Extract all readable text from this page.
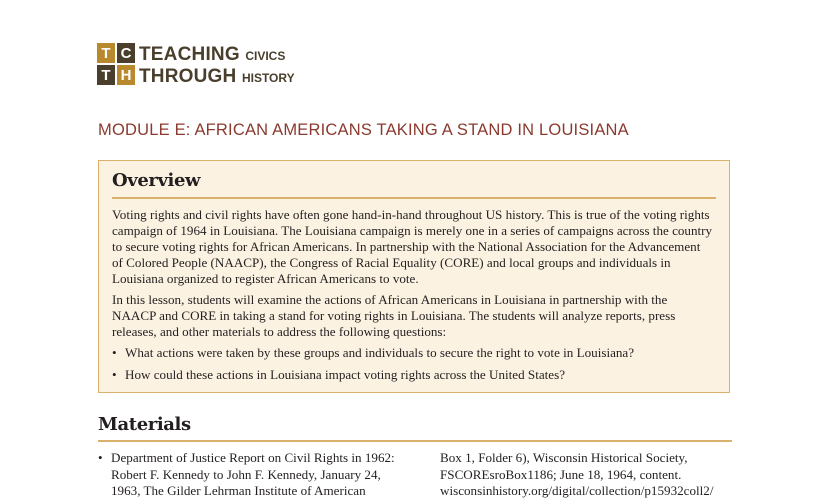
T C
T H
TEACHING CIVICS
THROUGH HISTORY
MODULE E: AFRICAN AMERICANS TAKING A STAND IN LOUISIANA
Overview

Voting rights and civil rights have often gone hand-in-hand throughout US history. This is true of the voting rights campaign of 1964 in Louisiana. The Louisiana campaign is merely one in a series of campaigns across the country to secure voting rights for African Americans. In partnership with the National Association for the Advancement of Colored People (NAACP), the Congress of Racial Equality (CORE) and local groups and individuals in Louisiana organized to register African Americans to vote.

In this lesson, students will examine the actions of African Americans in Louisiana in partnership with the NAACP and CORE in taking a stand for voting rights in Louisiana. The students will analyze reports, press releases, and other materials to address the following questions:

• What actions were taken by these groups and individuals to secure the right to vote in Louisiana?
• How could these actions in Louisiana impact voting rights across the United States?
Materials
• Department of Justice Report on Civil Rights in 1962:
Robert F. Kennedy to John F. Kennedy, January 24,
1963, The Gilder Lehrman Institute of American
Box 1, Folder 6), Wisconsin Historical Society,
FSCOREsroBox1186; June 18, 1964, content.
wisconsinhistory.org/digital/collection/p15932coll2/
